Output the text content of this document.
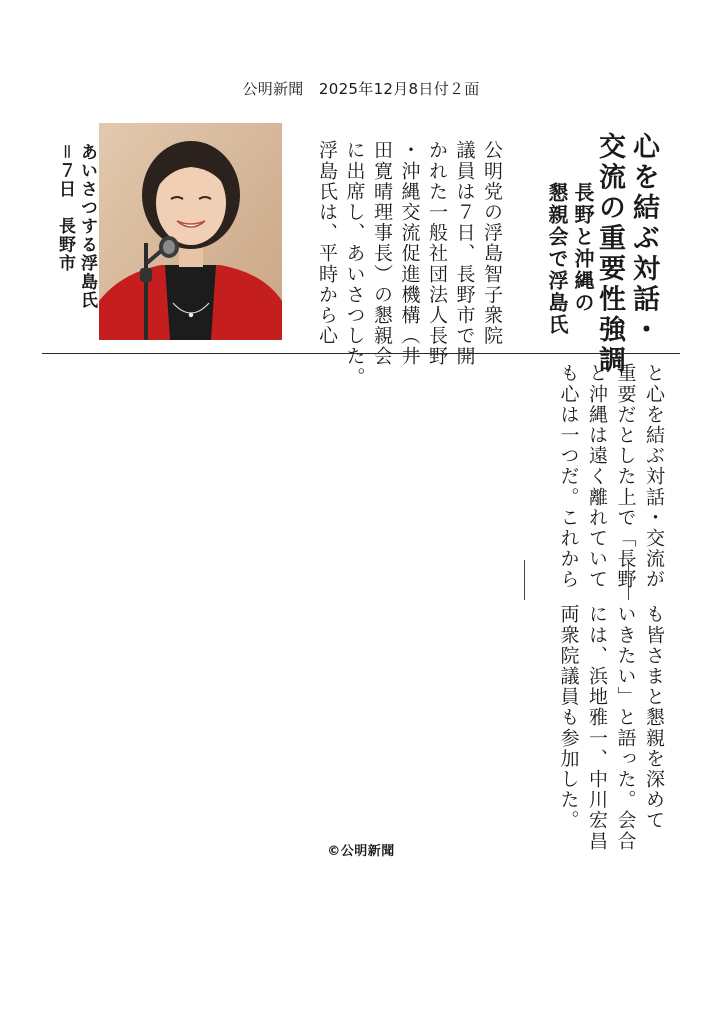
公明新聞　2025年12月8日付２面
心を結ぶ対話・
交流の重要性強調
長野と沖縄の
懇親会で浮島氏
公明党の浮島智子衆院
議員は７日、長野市で開
かれた一般社団法人長野
・沖縄交流促進機構（井
田寛晴理事長）の懇親会
に出席し、あいさつした。
浮島氏は、平時から心
あいさつする浮島氏
＝７日　長野市
と心を結ぶ対話・交流が
重要だとした上で「長野
と沖縄は遠く離れていて
も心は一つだ。これから
も皆さまと懇親を深めて
いきたい」と語った。会合
には、浜地雅一、中川宏昌
両衆院議員も参加した。
©公明新聞
